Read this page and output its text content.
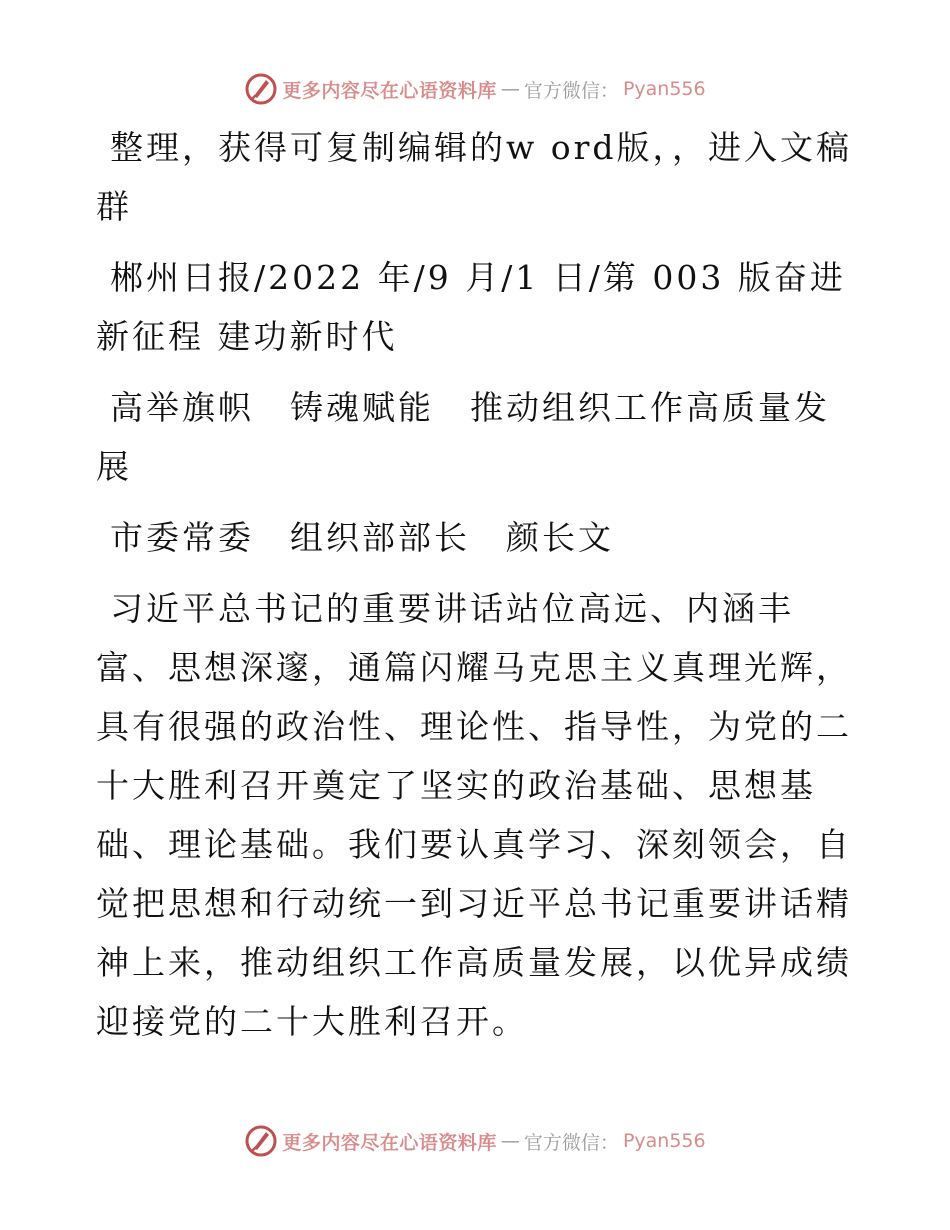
更多内容尽在心语资料库 — 官方微信： Pyan556

整理，获得可复制编辑的w ord版，，进入文稿群

郴州日报/2022 年/9 月/1 日/第 003 版奋进新征程 建功新时代

高举旗帜　铸魂赋能　推动组织工作高质量发展

市委常委　组织部部长　颜长文

习近平总书记的重要讲话站位高远、内涵丰富、思想深邃，通篇闪耀马克思主义真理光辉，具有很强的政治性、理论性、指导性，为党的二十大胜利召开奠定了坚实的政治基础、思想基础、理论基础。我们要认真学习、深刻领会，自觉把思想和行动统一到习近平总书记重要讲话精神上来，推动组织工作高质量发展，以优异成绩迎接党的二十大胜利召开。

更多内容尽在心语资料库 — 官方微信： Pyan556
